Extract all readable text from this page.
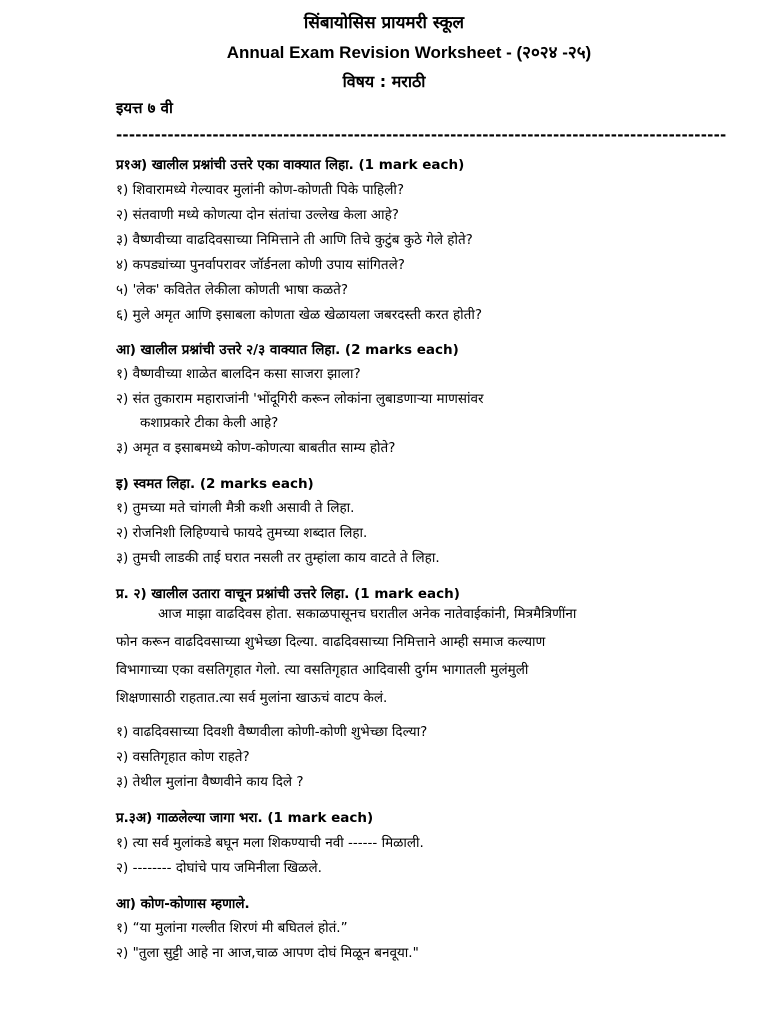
सिंबायोसिस प्रायमरी स्कूल
Annual Exam Revision Worksheet - (२०२४ -२५)
विषय : मराठी
इयत्त ७ वी
-----------------------------------------------------------------------------------------------
प्र१अ) खालील प्रश्नांची उत्तरे एका वाक्यात लिहा. (1 mark each)
१) शिवारामध्ये गेल्यावर मुलांनी कोण-कोणती पिके पाहिली?
२) संतवाणी मध्ये कोणत्या दोन संतांचा उल्लेख केला आहे?
३) वैष्णवीच्या वाढदिवसाच्या निमित्ताने ती आणि तिचे कुटुंब कुठे गेले होते?
४) कपड्यांच्या पुनर्वापरावर जॉर्डनला कोणी उपाय सांगितले?
५) 'लेक' कवितेत लेकीला कोणती भाषा कळते?
६) मुले अमृत आणि इसाबला कोणता खेळ खेळायला जबरदस्ती करत होती?
आ) खालील प्रश्नांची उत्तरे २/३ वाक्यात लिहा. (2 marks each)
१) वैष्णवीच्या शाळेत बालदिन कसा साजरा झाला?
२) संत तुकाराम महाराजांनी 'भोंदूगिरी करून लोकांना लुबाडणाऱ्या माणसांवर
कशाप्रकारे टीका केली आहे?
३) अमृत व इसाबमध्ये कोण-कोणत्या बाबतीत साम्य होते?
इ) स्वमत लिहा. (2 marks each)
१) तुमच्या मते चांगली मैत्री कशी असावी ते लिहा.
२) रोजनिशी लिहिण्याचे फायदे तुमच्या शब्दात लिहा.
३) तुमची लाडकी ताई घरात नसली तर तुम्हांला काय वाटते ते लिहा.
प्र. २) खालील उतारा वाचून प्रश्नांची उत्तरे लिहा. (1 mark each)
आज माझा वाढदिवस होता. सकाळपासूनच घरातील अनेक नातेवाईकांनी, मित्रमैत्रिणींना
फोन करून वाढदिवसाच्या शुभेच्छा दिल्या. वाढदिवसाच्या निमित्ताने आम्ही समाज कल्याण
विभागाच्या एका वसतिगृहात गेलो. त्या वसतिगृहात आदिवासी दुर्गम भागातली मुलंमुली
शिक्षणासाठी राहतात.त्या सर्व मुलांना खाऊचं वाटप केलं.
१) वाढदिवसाच्या दिवशी वैष्णवीला कोणी-कोणी शुभेच्छा दिल्या?
२) वसतिगृहात कोण राहते?
३) तेथील मुलांना वैष्णवीने काय दिले ?
प्र.३अ) गाळलेल्या जागा भरा. (1 mark each)
१) त्या सर्व मुलांकडे बघून मला शिकण्याची नवी ------ मिळाली.
२) -------- दोघांचे पाय जमिनीला खिळले.
आ) कोण-कोणास म्हणाले.
१) “या मुलांना गल्लीत शिरणं मी बघितलं होतं.”
२) "तुला सुट्टी आहे ना आज,चाळ आपण दोघं मिळून बनवूया."
